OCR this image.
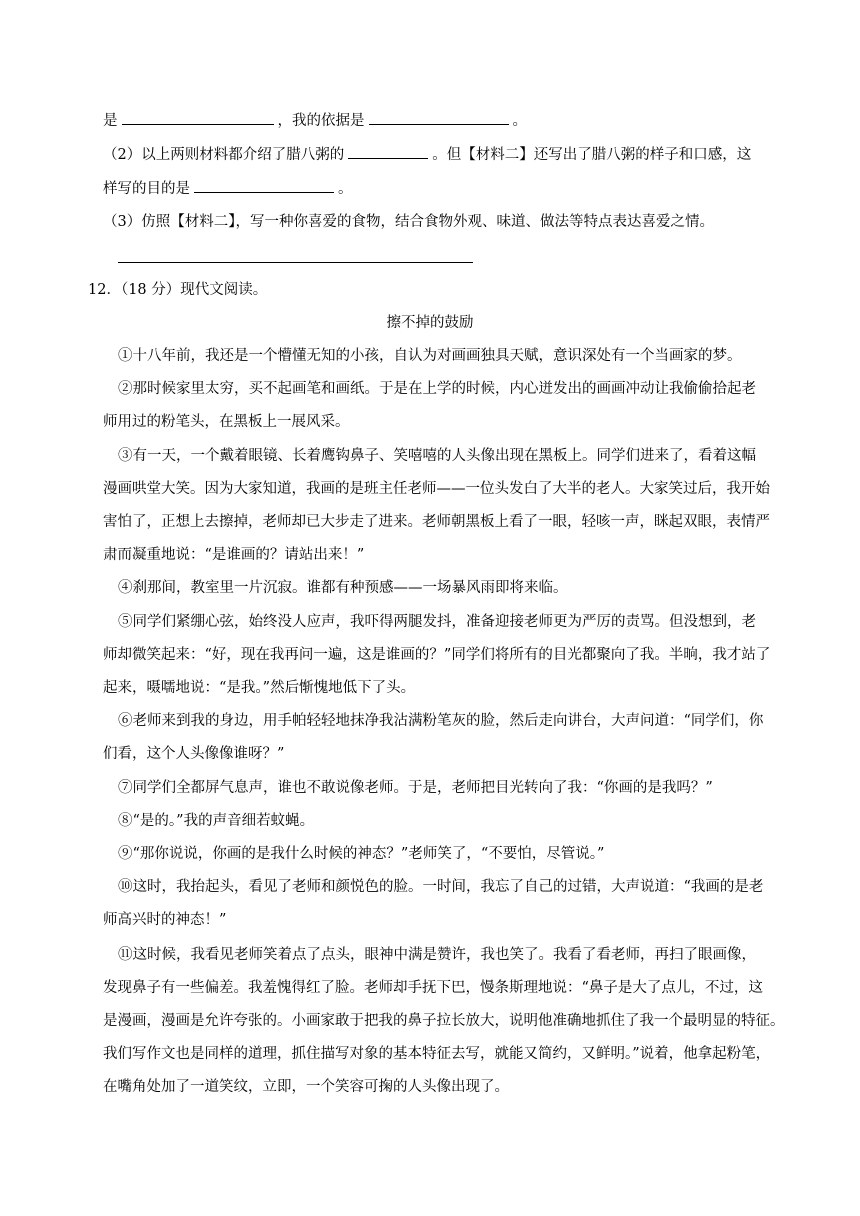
是	，我的依据是	。
（2）以上两则材料都介绍了腊八粥的	。但【材料二】还写出了腊八粥的样子和口感，这
样写的目的是	。
（3）仿照【材料二】，写一种你喜爱的食物，结合食物外观、味道、做法等特点表达喜爱之情。
12．（18 分）现代文阅读。
擦不掉的鼓励
①十八年前，我还是一个懵懂无知的小孩，自认为对画画独具天赋，意识深处有一个当画家的梦。
②那时候家里太穷，买不起画笔和画纸。于是在上学的时候，内心迸发出的画画冲动让我偷偷拾起老
师用过的粉笔头，在黑板上一展风采。
③有一天，一个戴着眼镜、长着鹰钩鼻子、笑嘻嘻的人头像出现在黑板上。同学们进来了，看着这幅
漫画哄堂大笑。因为大家知道，我画的是班主任老师——一位头发白了大半的老人。大家笑过后，我开始
害怕了，正想上去擦掉，老师却已大步走了进来。老师朝黑板上看了一眼，轻咳一声，眯起双眼，表情严
肃而凝重地说：“是谁画的？请站出来！”
④刹那间，教室里一片沉寂。谁都有种预感——一场暴风雨即将来临。
⑤同学们紧绷心弦，始终没人应声，我吓得两腿发抖，准备迎接老师更为严厉的责骂。但没想到，老
师却微笑起来：“好，现在我再问一遍，这是谁画的？”同学们将所有的目光都聚向了我。半晌，我才站了
起来，嗫嚅地说：“是我。”然后惭愧地低下了头。
⑥老师来到我的身边，用手帕轻轻地抹净我沾满粉笔灰的脸，然后走向讲台，大声问道：“同学们，你
们看，这个人头像像谁呀？”
⑦同学们全都屏气息声，谁也不敢说像老师。于是，老师把目光转向了我：“你画的是我吗？”
⑧“是的。”我的声音细若蚊蝇。
⑨“那你说说，你画的是我什么时候的神态？”老师笑了，“不要怕，尽管说。”
⑩这时，我抬起头，看见了老师和颜悦色的脸。一时间，我忘了自己的过错，大声说道：“我画的是老
师高兴时的神态！”
⑪这时候，我看见老师笑着点了点头，眼神中满是赞许，我也笑了。我看了看老师，再扫了眼画像，
发现鼻子有一些偏差。我羞愧得红了脸。老师却手抚下巴，慢条斯理地说：“鼻子是大了点儿，不过，这
是漫画，漫画是允许夸张的。小画家敢于把我的鼻子拉长放大，说明他准确地抓住了我一个最明显的特征。
我们写作文也是同样的道理，抓住描写对象的基本特征去写，就能又简约，又鲜明。”说着，他拿起粉笔，
在嘴角处加了一道笑纹，立即，一个笑容可掬的人头像出现了。
